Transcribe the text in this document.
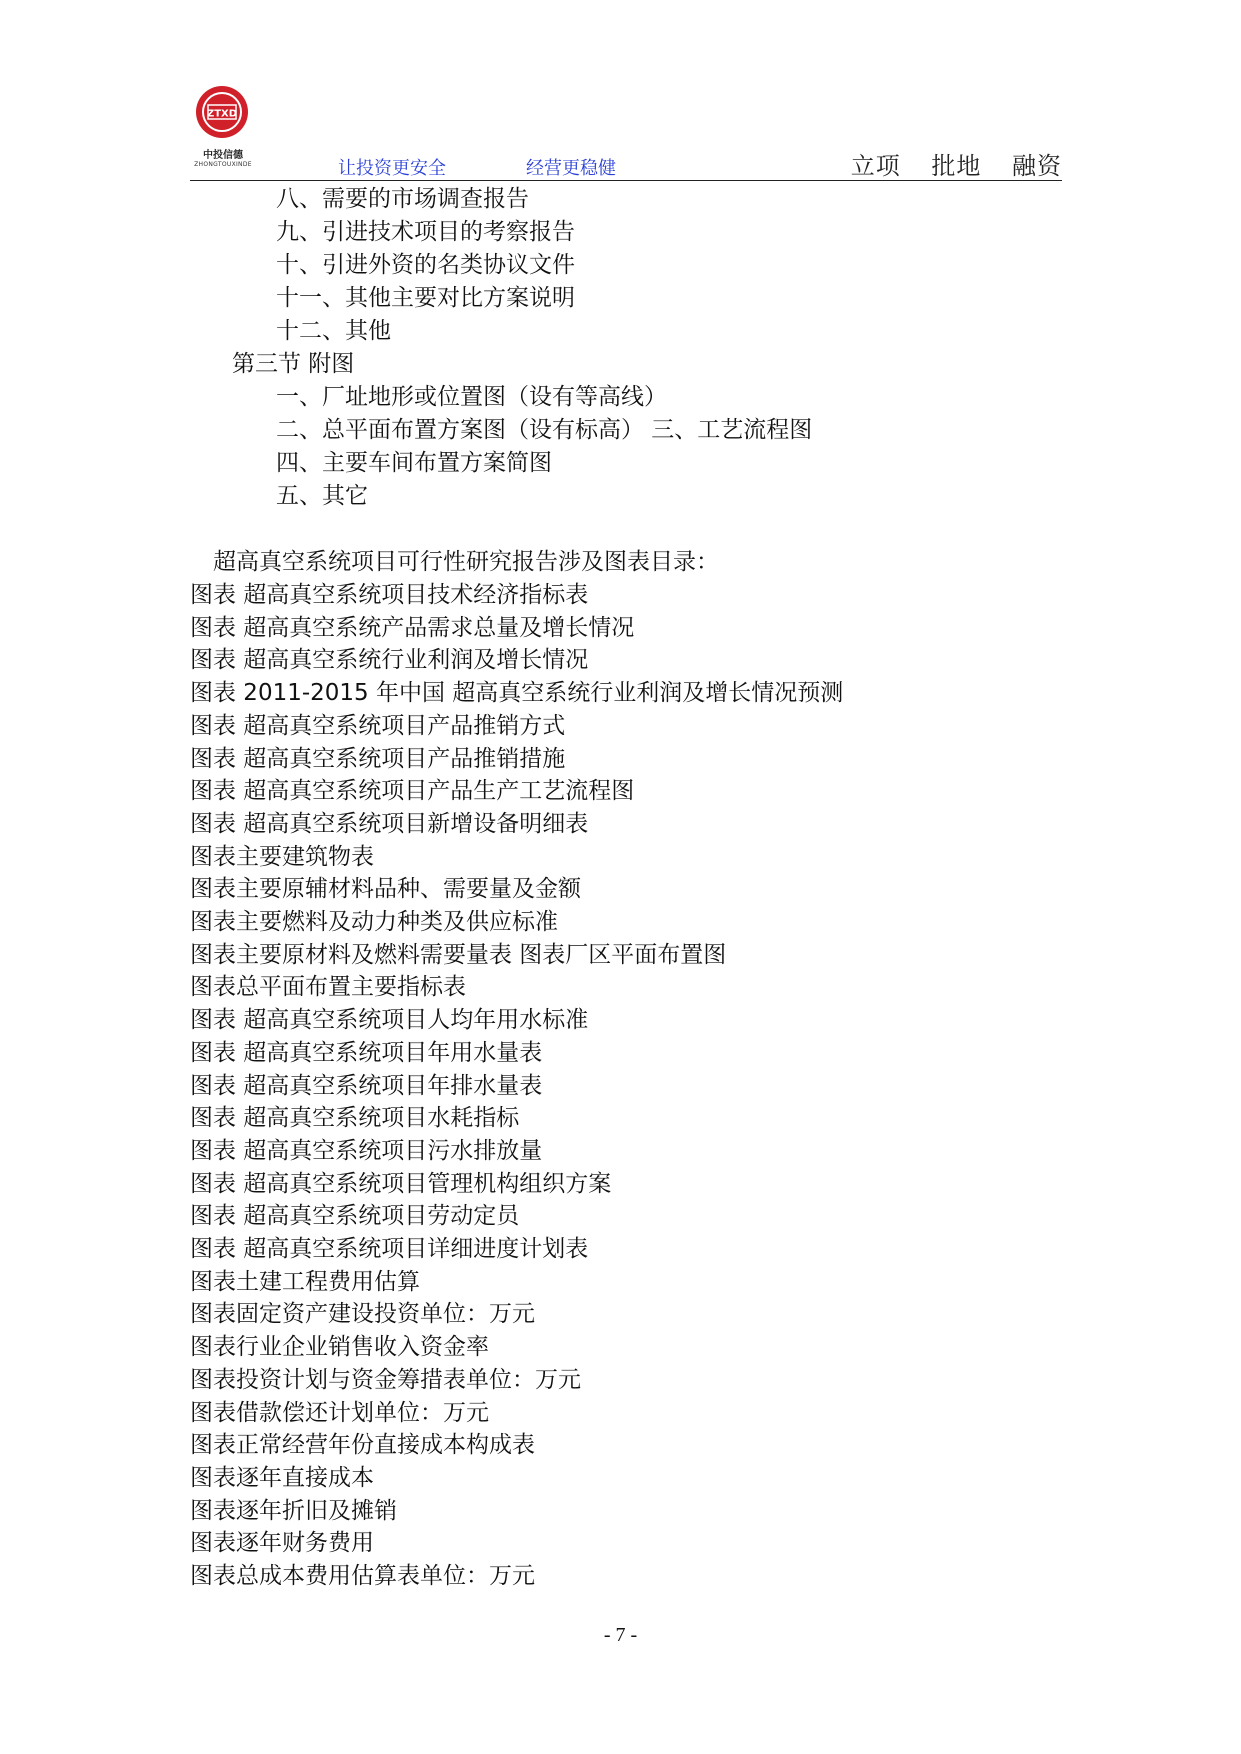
ZTXD
中投信德
ZHONGTOUXINDE	让投资更安全	经营更稳健	立项 批地 融资
八、需要的市场调查报告
九、引进技术项目的考察报告
十、引进外资的名类协议文件
十一、其他主要对比方案说明
十二、其他
第三节 附图
一、厂址地形或位置图（设有等高线）
二、总平面布置方案图（设有标高） 三、工艺流程图
四、主要车间布置方案简图
五、其它
超高真空系统项目可行性研究报告涉及图表目录：
图表 超高真空系统项目技术经济指标表
图表 超高真空系统产品需求总量及增长情况
图表 超高真空系统行业利润及增长情况
图表 2011-2015 年中国 超高真空系统行业利润及增长情况预测
图表 超高真空系统项目产品推销方式
图表 超高真空系统项目产品推销措施
图表 超高真空系统项目产品生产工艺流程图
图表 超高真空系统项目新增设备明细表
图表主要建筑物表
图表主要原辅材料品种、需要量及金额
图表主要燃料及动力种类及供应标准
图表主要原材料及燃料需要量表 图表厂区平面布置图
图表总平面布置主要指标表
图表 超高真空系统项目人均年用水标准
图表 超高真空系统项目年用水量表
图表 超高真空系统项目年排水量表
图表 超高真空系统项目水耗指标
图表 超高真空系统项目污水排放量
图表 超高真空系统项目管理机构组织方案
图表 超高真空系统项目劳动定员
图表 超高真空系统项目详细进度计划表
图表土建工程费用估算
图表固定资产建设投资单位：万元
图表行业企业销售收入资金率
图表投资计划与资金筹措表单位：万元
图表借款偿还计划单位：万元
图表正常经营年份直接成本构成表
图表逐年直接成本
图表逐年折旧及摊销
图表逐年财务费用
图表总成本费用估算表单位：万元
- 7 -
